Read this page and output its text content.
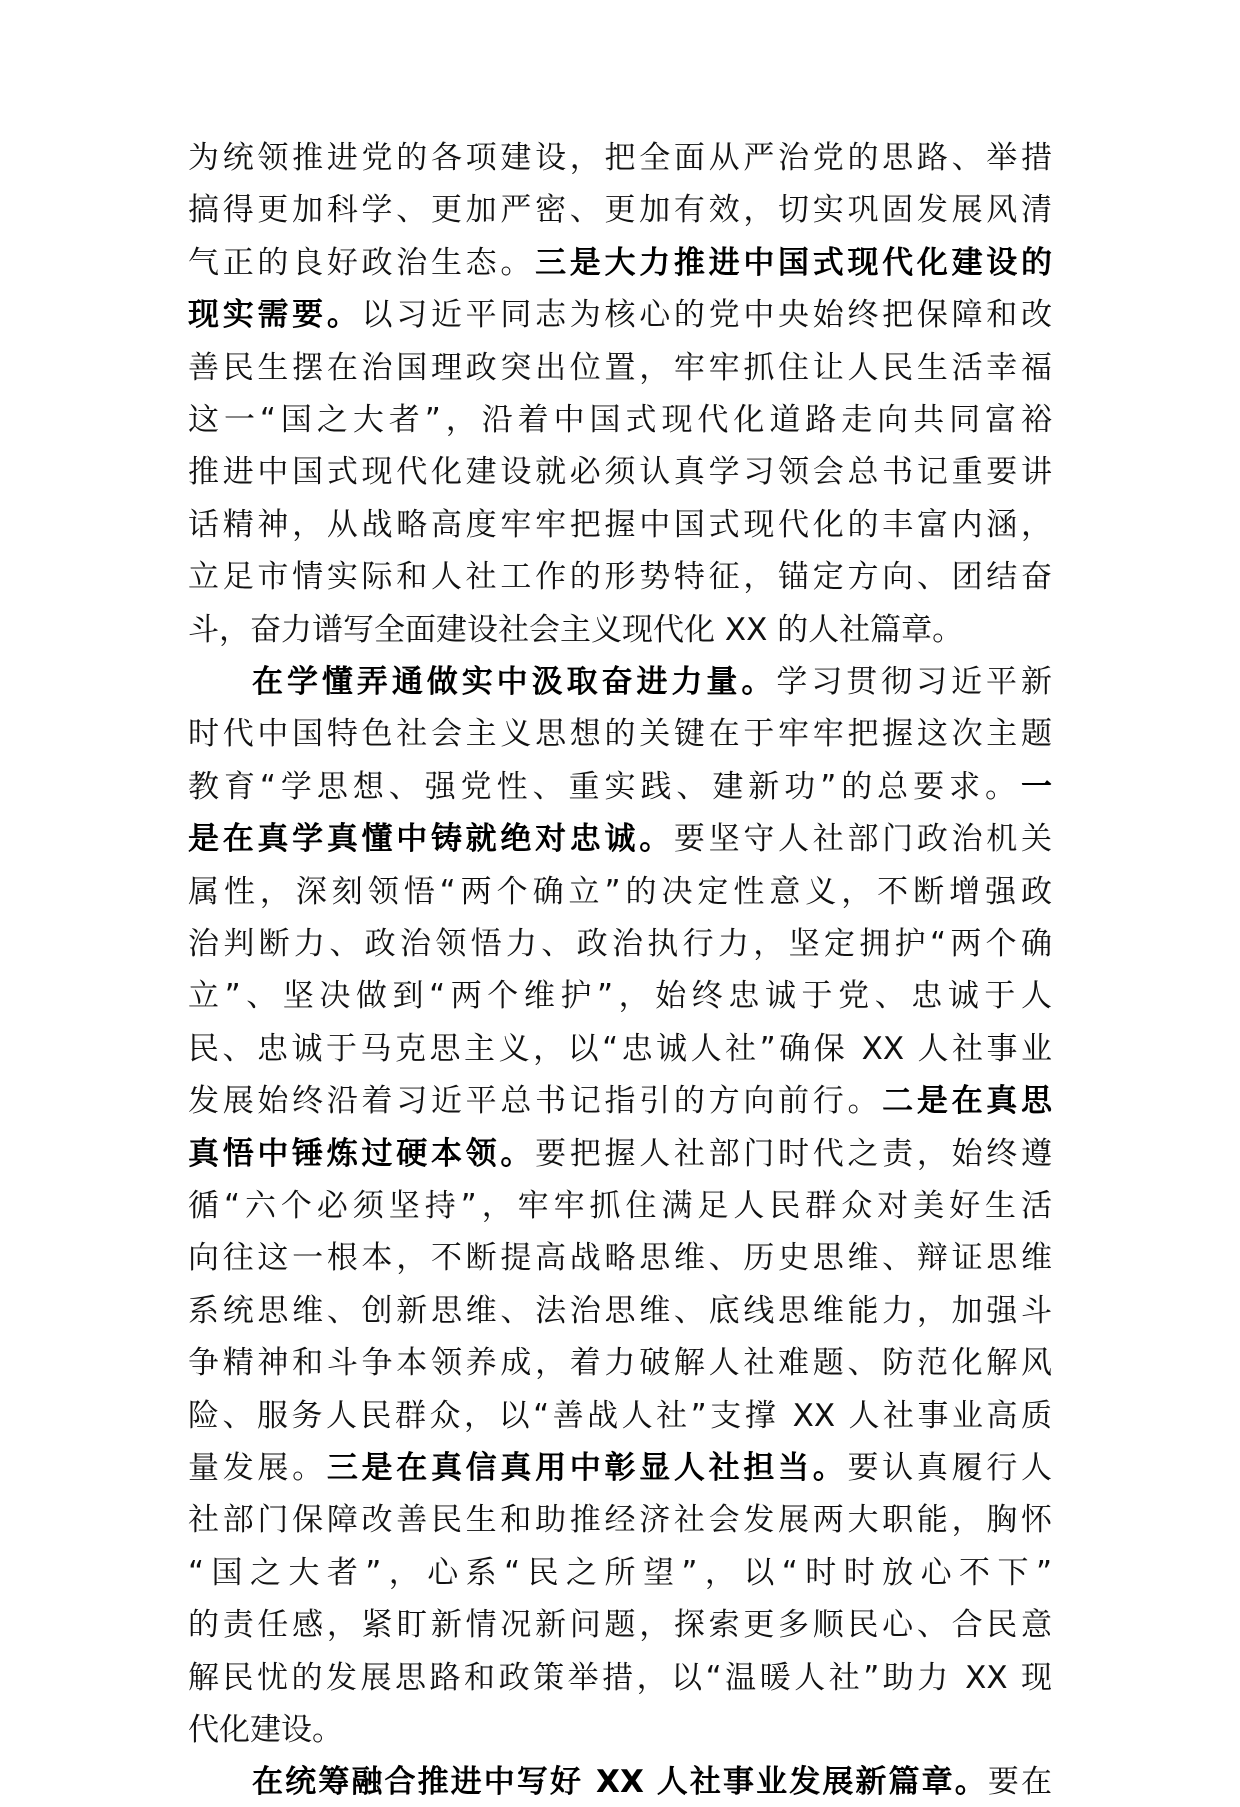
为统领推进党的各项建设，把全面从严治党的思路、举措
搞得更加科学、更加严密、更加有效，切实巩固发展风清
气正的良好政治生态。三是大力推进中国式现代化建设的
现实需要。以习近平同志为核心的党中央始终把保障和改
善民生摆在治国理政突出位置，牢牢抓住让人民生活幸福
这一“国之大者”，沿着中国式现代化道路走向共同富裕
推进中国式现代化建设就必须认真学习领会总书记重要讲
话精神，从战略高度牢牢把握中国式现代化的丰富内涵，
立足市情实际和人社工作的形势特征，锚定方向、团结奋
斗，奋力谱写全面建设社会主义现代化 XX 的人社篇章。
在学懂弄通做实中汲取奋进力量。学习贯彻习近平新
时代中国特色社会主义思想的关键在于牢牢把握这次主题
教育“学思想、强党性、重实践、建新功”的总要求。一
是在真学真懂中铸就绝对忠诚。要坚守人社部门政治机关
属性，深刻领悟“两个确立”的决定性意义，不断增强政
治判断力、政治领悟力、政治执行力，坚定拥护“两个确
立”、坚决做到“两个维护”，始终忠诚于党、忠诚于人
民、忠诚于马克思主义，以“忠诚人社”确保 XX 人社事业
发展始终沿着习近平总书记指引的方向前行。二是在真思
真悟中锤炼过硬本领。要把握人社部门时代之责，始终遵
循“六个必须坚持”，牢牢抓住满足人民群众对美好生活
向往这一根本，不断提高战略思维、历史思维、辩证思维
系统思维、创新思维、法治思维、底线思维能力，加强斗
争精神和斗争本领养成，着力破解人社难题、防范化解风
险、服务人民群众，以“善战人社”支撑 XX 人社事业高质
量发展。三是在真信真用中彰显人社担当。要认真履行人
社部门保障改善民生和助推经济社会发展两大职能，胸怀
“国之大者”，心系“民之所望”，以“时时放心不下”
的责任感，紧盯新情况新问题，探索更多顺民心、合民意
解民忧的发展思路和政策举措，以“温暖人社”助力 XX 现
代化建设。
在统筹融合推进中写好 XX 人社事业发展新篇章。要在
